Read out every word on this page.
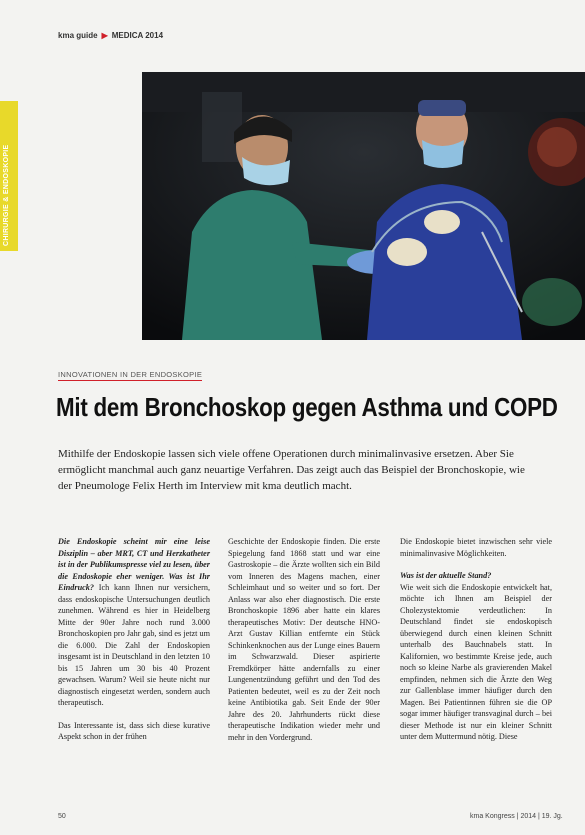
kma guide ▶ MEDICA 2014
CHIRURGIE & ENDOSKOPIE
INNOVATIONEN IN DER ENDOSKOPIE
Mit dem Bronchoskop gegen Asthma und COPD

Mithilfe der Endoskopie lassen sich viele offene Operationen durch minimalinvasive ersetzen. Aber Sie ermöglicht manchmal auch ganz neuartige Verfahren. Das zeigt auch das Beispiel der Bronchoskopie, wie der Pneumologe Felix Herth im Interview mit kma deutlich macht.

Die Endoskopie scheint mir eine leise Disziplin – aber MRT, CT und Herzkatheter ist in der Publikumspresse viel zu lesen, über die Endoskopie eher weniger. Was ist Ihr Eindruck? Ich kann Ihnen nur versichern, dass endoskopische Untersuchungen deutlich zunehmen. Während es hier in Heidelberg Mitte der 90er Jahre noch rund 3.000 Bronchoskopien pro Jahr gab, sind es jetzt um die 6.000. Die Zahl der Endoskopien insgesamt ist in Deutschland in den letzten 10 bis 15 Jahren um 30 bis 40 Prozent gewachsen. Warum? Weil sie heute nicht nur diagnostisch eingesetzt werden, sondern auch therapeutisch.

Das Interessante ist, dass sich diese kurative Aspekt schon in der frühen

Geschichte der Endoskopie finden. Die erste Spiegelung fand 1868 statt und war eine Gastroskopie – die Ärzte wollten sich ein Bild vom Inneren des Magens machen, einer Schleimhaut und so weiter und so fort. Der Anlass war also eher diagnostisch. Die erste Bronchoskopie 1896 aber hatte ein klares therapeutisches Motiv: Der deutsche HNO-Arzt Gustav Killian entfernte ein Stück Schinkenknochen aus der Lunge eines Bauern im Schwarzwald. Dieser aspirierte Fremdkörper hätte andernfalls zu einer Lungenentzündung geführt und den Tod des Patienten bedeutet, weil es zu der Zeit noch keine Antibiotika gab. Seit Ende der 90er Jahre des 20. Jahrhunderts rückt diese therapeutische Indikation wieder mehr und mehr in den Vordergrund.

Die Endoskopie bietet inzwischen sehr viele minimalinvasive Möglichkeiten.

Was ist der aktuelle Stand?
Wie weit sich die Endoskopie entwickelt hat, möchte ich Ihnen am Beispiel der Cholezystektomie verdeutlichen: In Deutschland findet sie endoskopisch überwiegend durch einen kleinen Schnitt unterhalb des Bauchnabels statt. In Kalifornien, wo bestimmte Kreise jede, auch noch so kleine Narbe als gravierenden Makel empfinden, nehmen sich die Ärzte den Weg zur Gallenblase immer häufiger durch den Magen. Bei Patientinnen führen sie die OP sogar immer häufiger transvaginal durch – bei dieser Methode ist nur ein kleiner Schnitt unter dem Muttermund nötig. Diese

50	kma Kongress | 2014 | 19. Jg.
